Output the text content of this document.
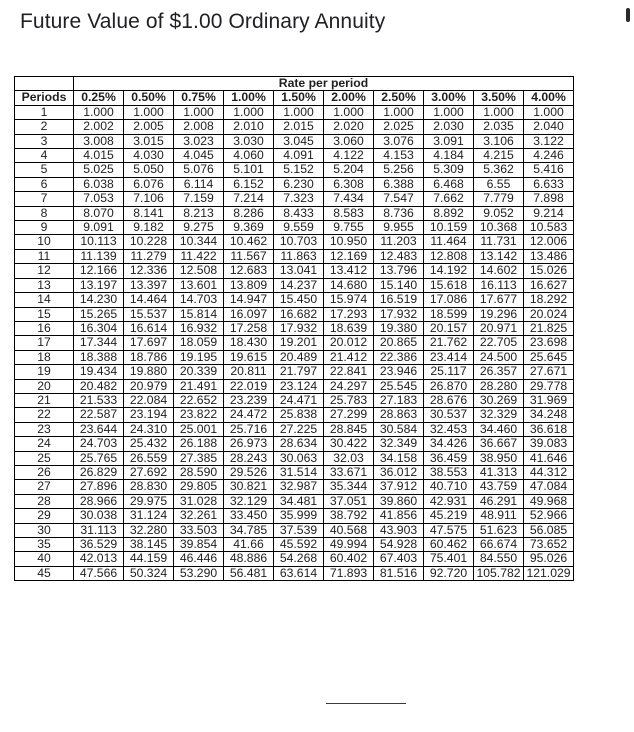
Future Value of $1.00 Ordinary Annuity
	Rate per period									
Periods	0.25%	0.50%	0.75%	1.00%	1.50%	2.00%	2.50%	3.00%	3.50%	4.00%
1	1.000	1.000	1.000	1.000	1.000	1.000	1.000	1.000	1.000	1.000
2	2.002	2.005	2.008	2.010	2.015	2.020	2.025	2.030	2.035	2.040
3	3.008	3.015	3.023	3.030	3.045	3.060	3.076	3.091	3.106	3.122
4	4.015	4.030	4.045	4.060	4.091	4.122	4.153	4.184	4.215	4.246
5	5.025	5.050	5.076	5.101	5.152	5.204	5.256	5.309	5.362	5.416
6	6.038	6.076	6.114	6.152	6.230	6.308	6.388	6.468	6.55	6.633
7	7.053	7.106	7.159	7.214	7.323	7.434	7.547	7.662	7.779	7.898
8	8.070	8.141	8.213	8.286	8.433	8.583	8.736	8.892	9.052	9.214
9	9.091	9.182	9.275	9.369	9.559	9.755	9.955	10.159	10.368	10.583
10	10.113	10.228	10.344	10.462	10.703	10.950	11.203	11.464	11.731	12.006
11	11.139	11.279	11.422	11.567	11.863	12.169	12.483	12.808	13.142	13.486
12	12.166	12.336	12.508	12.683	13.041	13.412	13.796	14.192	14.602	15.026
13	13.197	13.397	13.601	13.809	14.237	14.680	15.140	15.618	16.113	16.627
14	14.230	14.464	14.703	14.947	15.450	15.974	16.519	17.086	17.677	18.292
15	15.265	15.537	15.814	16.097	16.682	17.293	17.932	18.599	19.296	20.024
16	16.304	16.614	16.932	17.258	17.932	18.639	19.380	20.157	20.971	21.825
17	17.344	17.697	18.059	18.430	19.201	20.012	20.865	21.762	22.705	23.698
18	18.388	18.786	19.195	19.615	20.489	21.412	22.386	23.414	24.500	25.645
19	19.434	19.880	20.339	20.811	21.797	22.841	23.946	25.117	26.357	27.671
20	20.482	20.979	21.491	22.019	23.124	24.297	25.545	26.870	28.280	29.778
21	21.533	22.084	22.652	23.239	24.471	25.783	27.183	28.676	30.269	31.969
22	22.587	23.194	23.822	24.472	25.838	27.299	28.863	30.537	32.329	34.248
23	23.644	24.310	25.001	25.716	27.225	28.845	30.584	32.453	34.460	36.618
24	24.703	25.432	26.188	26.973	28.634	30.422	32.349	34.426	36.667	39.083
25	25.765	26.559	27.385	28.243	30.063	32.03	34.158	36.459	38.950	41.646
26	26.829	27.692	28.590	29.526	31.514	33.671	36.012	38.553	41.313	44.312
27	27.896	28.830	29.805	30.821	32.987	35.344	37.912	40.710	43.759	47.084
28	28.966	29.975	31.028	32.129	34.481	37.051	39.860	42.931	46.291	49.968
29	30.038	31.124	32.261	33.450	35.999	38.792	41.856	45.219	48.911	52.966
30	31.113	32.280	33.503	34.785	37.539	40.568	43.903	47.575	51.623	56.085
35	36.529	38.145	39.854	41.66	45.592	49.994	54.928	60.462	66.674	73.652
40	42.013	44.159	46.446	48.886	54.268	60.402	67.403	75.401	84.550	95.026
45	47.566	50.324	53.290	56.481	63.614	71.893	81.516	92.720	105.782	121.029
